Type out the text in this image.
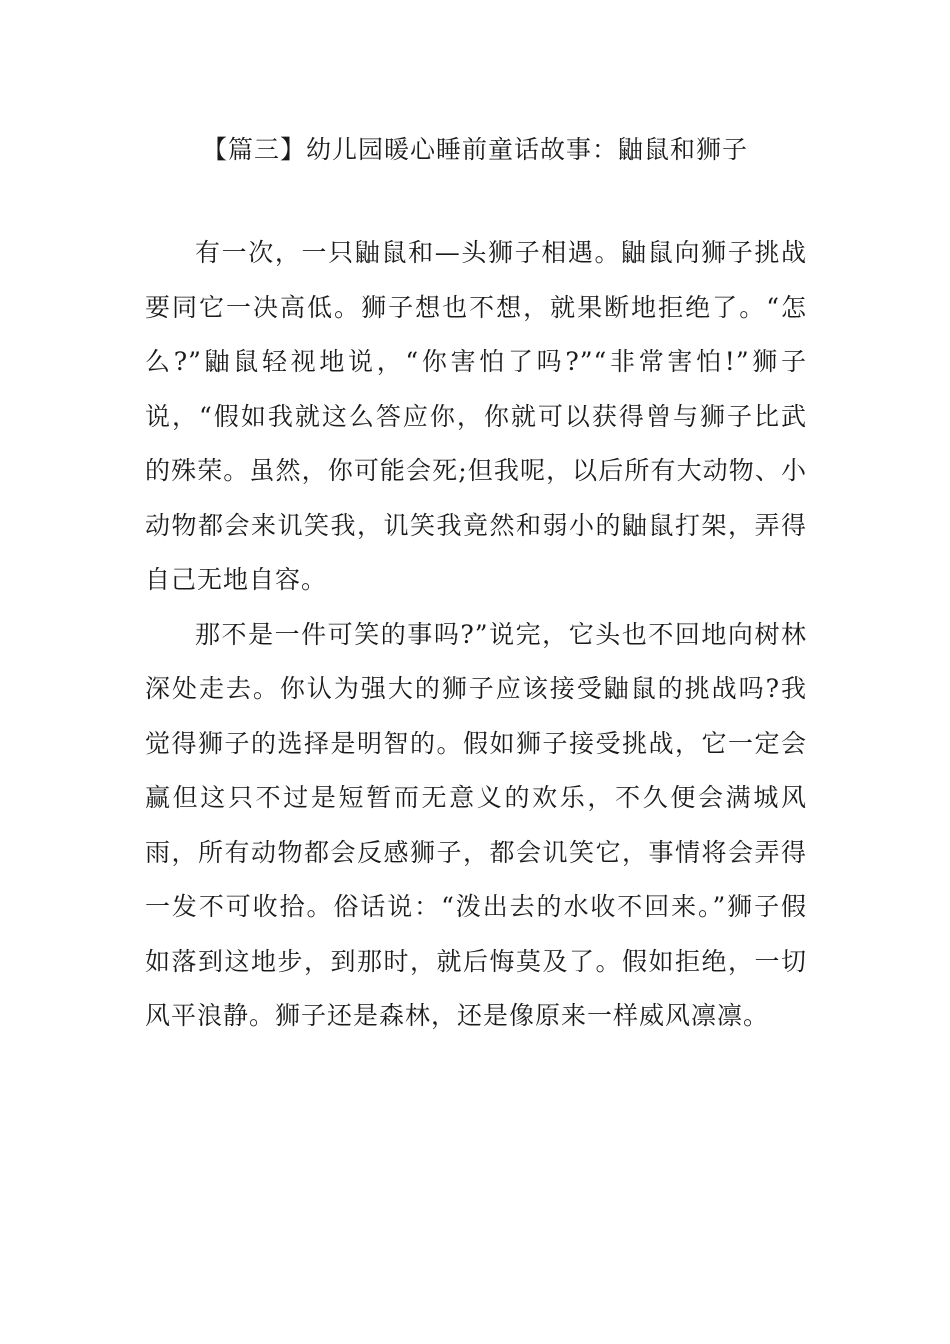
【篇三】幼儿园暖心睡前童话故事：鼬鼠和狮子

有一次，一只鼬鼠和—头狮子相遇。鼬鼠向狮子挑战要同它一决高低。狮子想也不想，就果断地拒绝了。“怎么?”鼬鼠轻视地说，“你害怕了吗?”“非常害怕!”狮子说，“假如我就这么答应你，你就可以获得曾与狮子比武的殊荣。虽然，你可能会死;但我呢，以后所有大动物、小动物都会来讥笑我，讥笑我竟然和弱小的鼬鼠打架，弄得自己无地自容。

那不是一件可笑的事吗?”说完，它头也不回地向树林深处走去。你认为强大的狮子应该接受鼬鼠的挑战吗?我觉得狮子的选择是明智的。假如狮子接受挑战，它一定会赢但这只不过是短暂而无意义的欢乐，不久便会满城风雨，所有动物都会反感狮子，都会讥笑它，事情将会弄得一发不可收拾。俗话说：“泼出去的水收不回来。”狮子假如落到这地步，到那时，就后悔莫及了。假如拒绝，一切风平浪静。狮子还是森林，还是像原来一样威风凛凛。
